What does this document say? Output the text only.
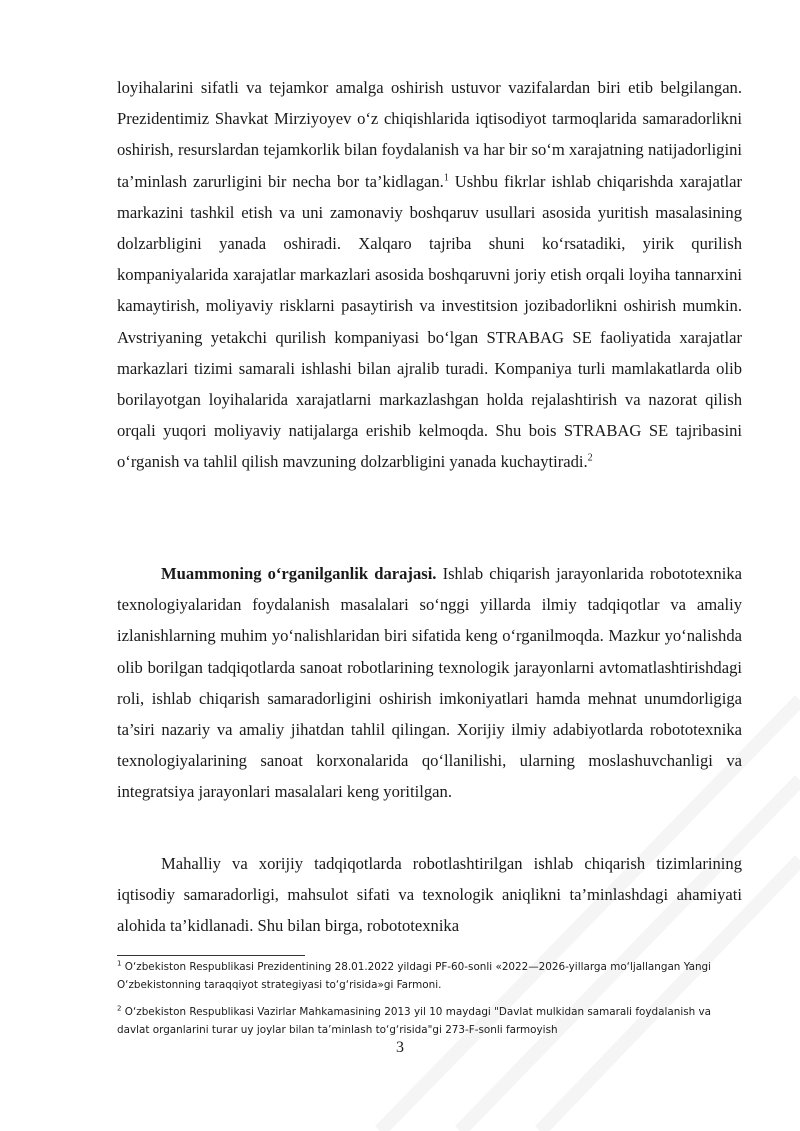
loyihalarini sifatli va tejamkor amalga oshirish ustuvor vazifalardan biri etib belgilangan. Prezidentimiz Shavkat Mirziyoyev o‘z chiqishlarida iqtisodiyot tarmoqlarida samaradorlikni oshirish, resurslardan tejamkorlik bilan foydalanish va har bir so‘m xarajatning natijadorligini ta’minlash zarurligini bir necha bor ta’kidlagan.$^1$ Ushbu fikrlar ishlab chiqarishda xarajatlar markazini tashkil etish va uni zamonaviy boshqaruv usullari asosida yuritish masalasining dolzarbligini yanada oshiradi. Xalqaro tajriba shuni ko‘rsatadiki, yirik qurilish kompaniyalarida xarajatlar markazlari asosida boshqaruvni joriy etish orqali loyiha tannarxini kamaytirish, moliyaviy risklarni pasaytirish va investitsion jozibadorlikni oshirish mumkin. Avstriyaning yetakchi qurilish kompaniyasi bo‘lgan STRABAG SE faoliyatida xarajatlar markazlari tizimi samarali ishlashi bilan ajralib turadi. Kompaniya turli mamlakatlarda olib borilayotgan loyihalarida xarajatlarni markazlashgan holda rejalashtirish va nazorat qilish orqali yuqori moliyaviy natijalarga erishib kelmoqda. Shu bois STRABAG SE tajribasini o‘rganish va tahlil qilish mavzuning dolzarbligini yanada kuchaytiradi.$^2$

Muammoning o‘rganilganlik darajasi. Ishlab chiqarish jarayonlarida robototexnika texnologiyalaridan foydalanish masalalari so‘nggi yillarda ilmiy tadqiqotlar va amaliy izlanishlarning muhim yo‘nalishlaridan biri sifatida keng o‘rganilmoqda. Mazkur yo‘nalishda olib borilgan tadqiqotlarda sanoat robotlarining texnologik jarayonlarni avtomatlashtirishdagi roli, ishlab chiqarish samaradorligini oshirish imkoniyatlari hamda mehnat unumdorligiga ta’siri nazariy va amaliy jihatdan tahlil qilingan. Xorijiy ilmiy adabiyotlarda robototexnika texnologiyalarining sanoat korxonalarida qo‘llanilishi, ularning moslashuvchanligi va integratsiya jarayonlari masalalari keng yoritilgan.

Mahalliy va xorijiy tadqiqotlarda robotlashtirilgan ishlab chiqarish tizimlarining iqtisodiy samaradorligi, mahsulot sifati va texnologik aniqlikni ta’minlashdagi ahamiyati alohida ta’kidlanadi. Shu bilan birga, robototexnika

$^1$ O‘zbekiston Respublikasi Prezidentining 28.01.2022 yildagi PF-60-sonli «2022—2026-yillarga mo‘ljallangan Yangi O‘zbekistonning taraqqiyot strategiyasi to‘g‘risida»gi Farmoni.

$^2$ O‘zbekiston Respublikasi Vazirlar Mahkamasining 2013 yil 10 maydagi "Davlat mulkidan samarali foydalanish va davlat organlarini turar uy joylar bilan ta’minlash to‘g‘risida"gi 273-F-sonli farmoyish

3
